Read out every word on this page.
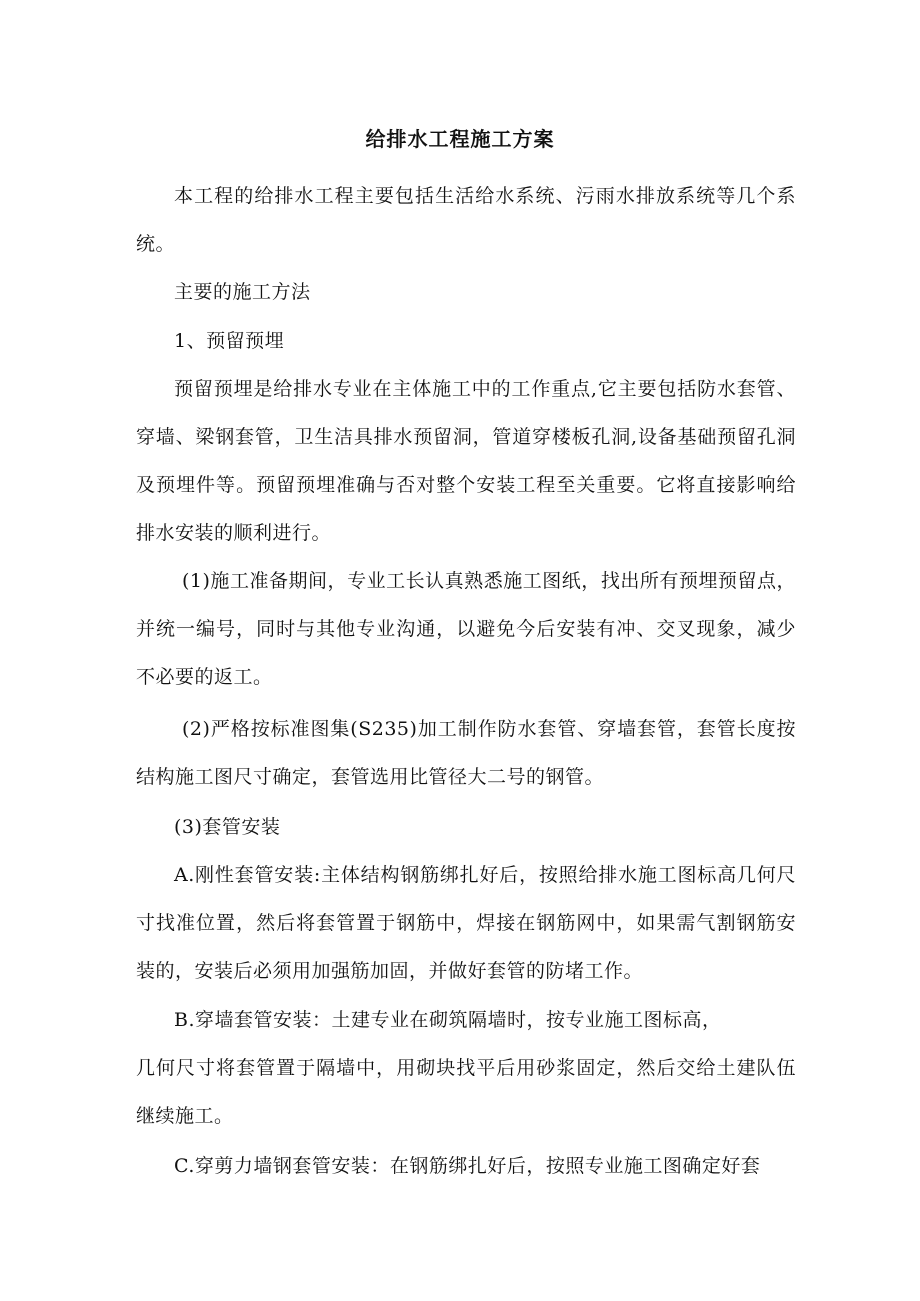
给排水工程施工方案
本工程的给排水工程主要包括生活给水系统、污雨水排放系统等几个系统。
主要的施工方法
1、预留预埋
预留预埋是给排水专业在主体施工中的工作重点,它主要包括防水套管、穿墙、梁钢套管，卫生洁具排水预留洞，管道穿楼板孔洞,设备基础预留孔洞及预埋件等。预留预埋准确与否对整个安装工程至关重要。它将直接影响给排水安装的顺利进行。
(1)施工准备期间，专业工长认真熟悉施工图纸，找出所有预埋预留点，并统一编号，同时与其他专业沟通，以避免今后安装有冲、交叉现象，减少不必要的返工。
(2)严格按标准图集(S235)加工制作防水套管、穿墙套管，套管长度按结构施工图尺寸确定，套管选用比管径大二号的钢管。
(3)套管安装
A.刚性套管安装:主体结构钢筋绑扎好后，按照给排水施工图标高几何尺寸找准位置，然后将套管置于钢筋中，焊接在钢筋网中，如果需气割钢筋安装的，安装后必须用加强筋加固，并做好套管的防堵工作。
B.穿墙套管安装：土建专业在砌筑隔墙时，按专业施工图标高，
几何尺寸将套管置于隔墙中，用砌块找平后用砂浆固定，然后交给土建队伍继续施工。
C.穿剪力墙钢套管安装：在钢筋绑扎好后，按照专业施工图确定好套
